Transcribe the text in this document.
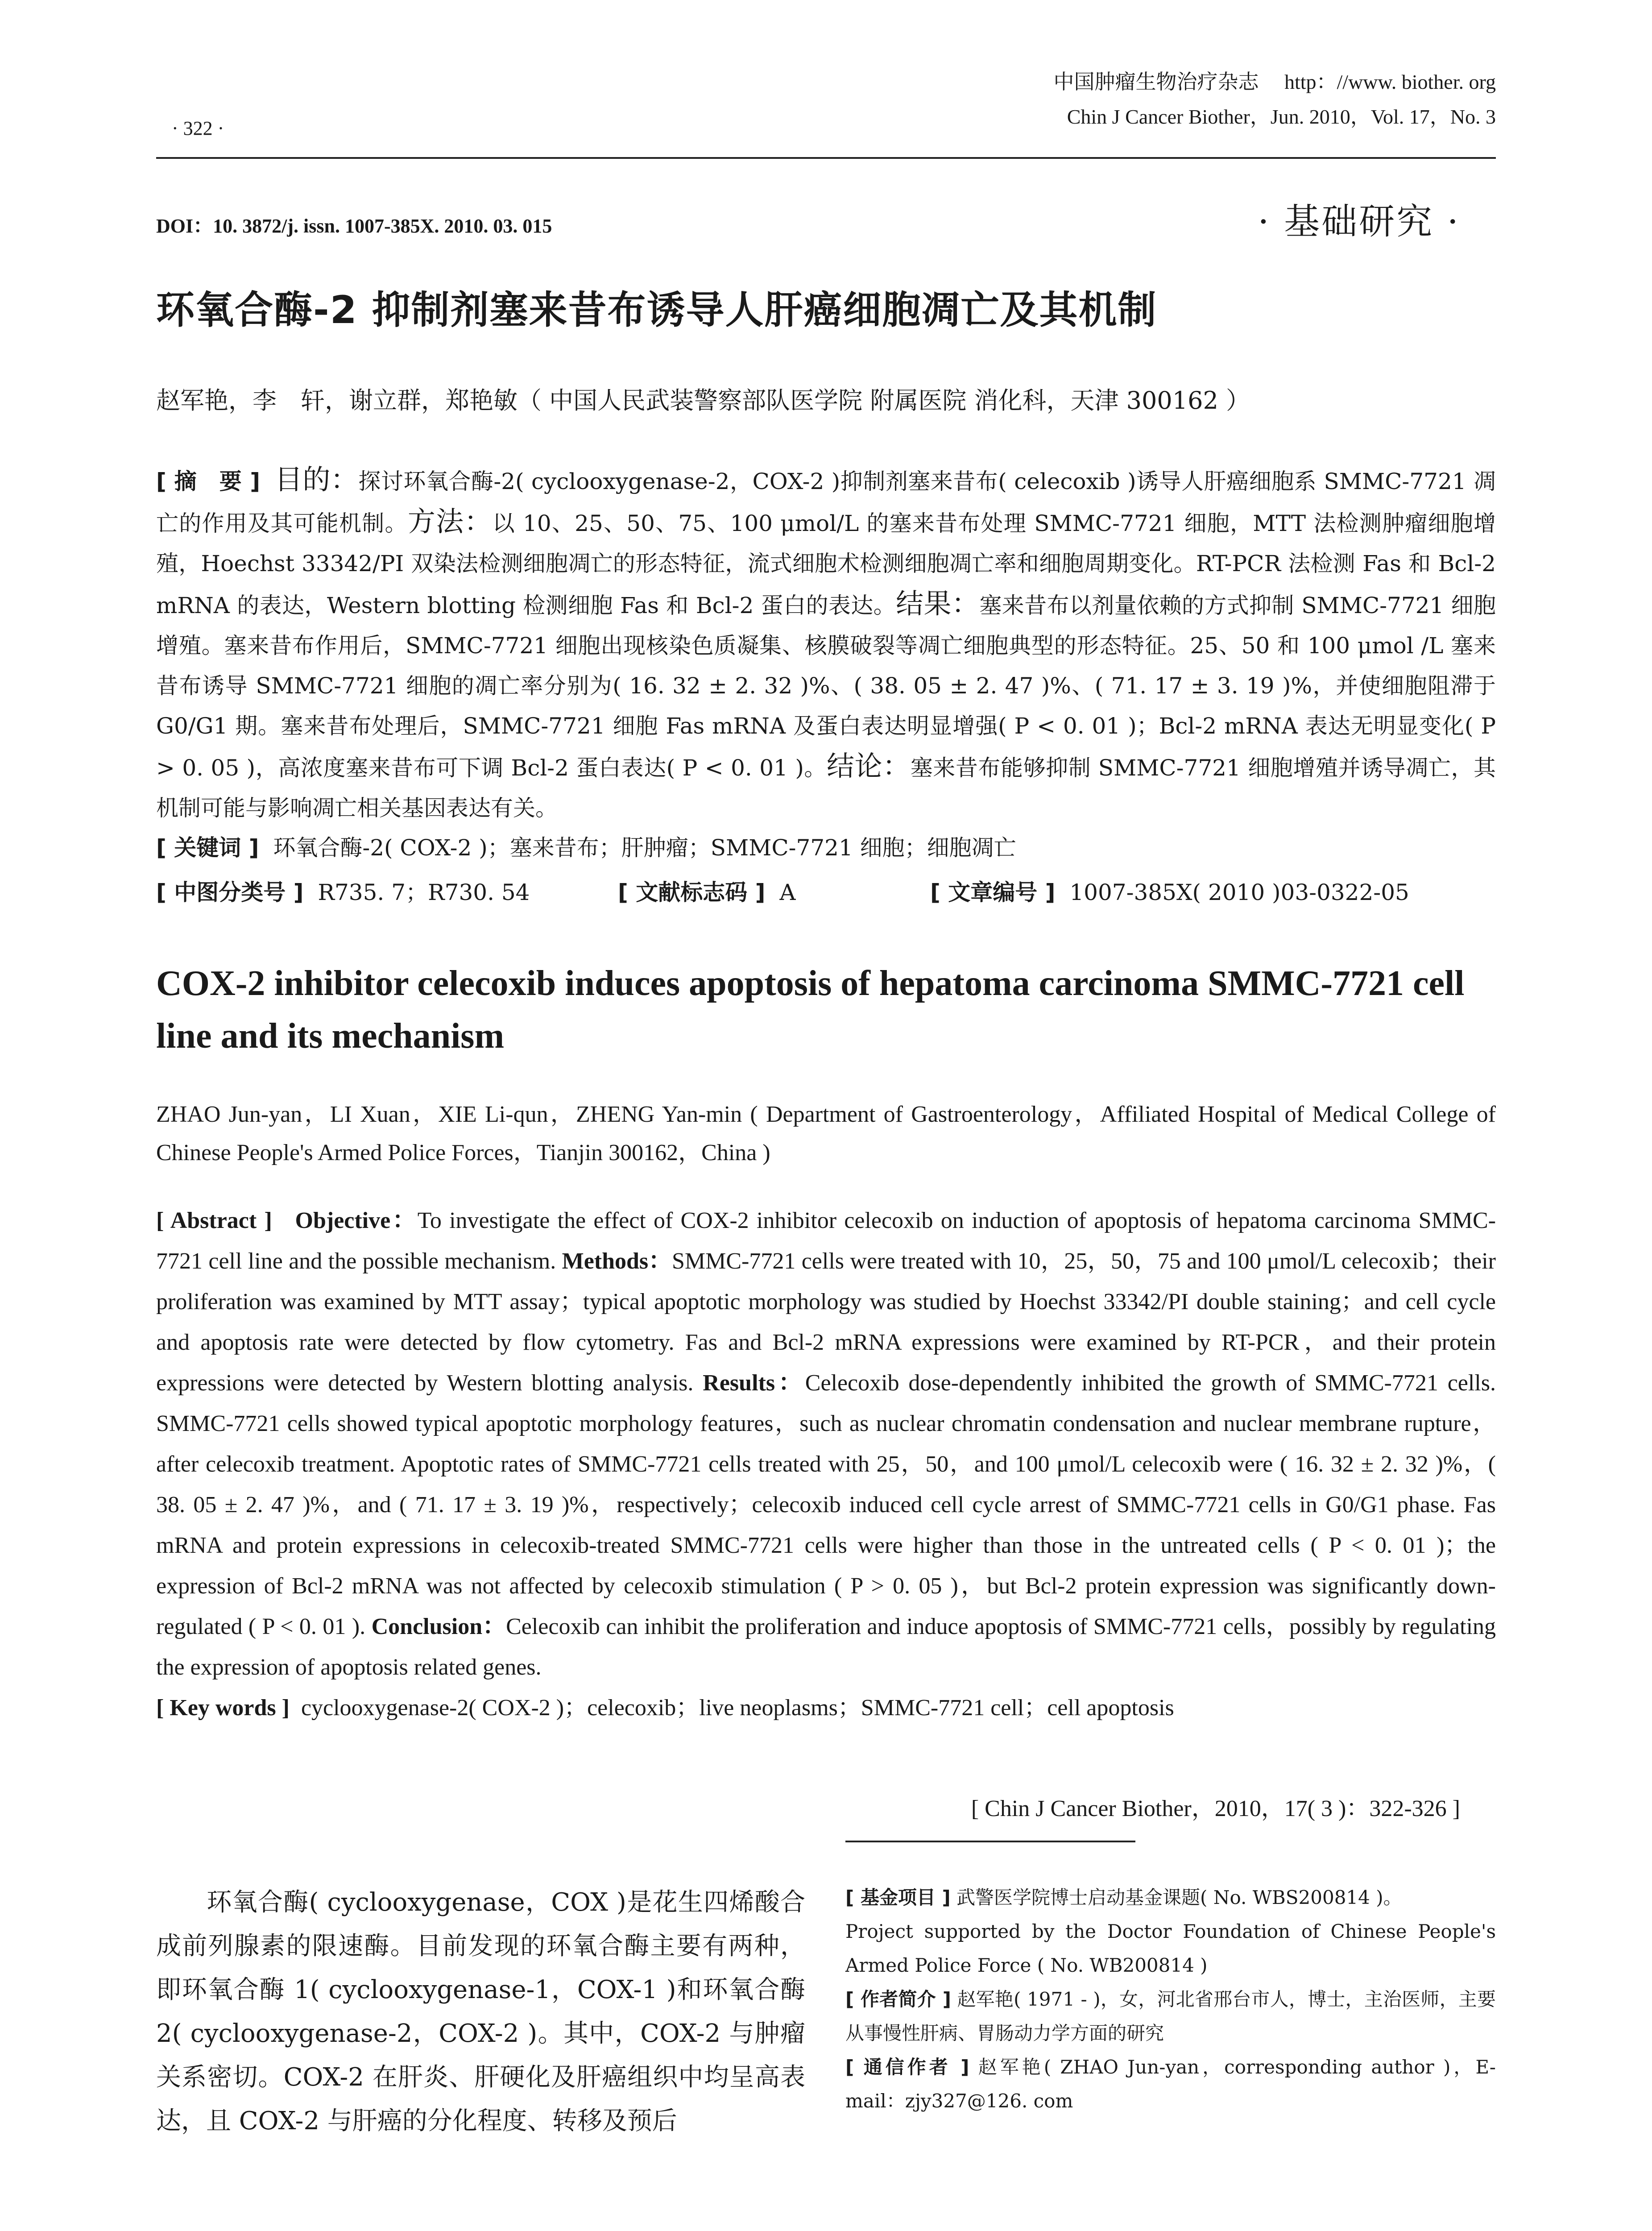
中国肿瘤生物治疗杂志 http：//www. biother. org
Chin J Cancer Biother，Jun. 2010，Vol. 17，No. 3
· 322 ·
DOI：10. 3872/j. issn. 1007-385X. 2010. 03. 015	· 基础研究 ·
环氧合酶-2 抑制剂塞来昔布诱导人肝癌细胞凋亡及其机制
赵军艳，李　轩，谢立群，郑艳敏（ 中国人民武装警察部队医学院 附属医院 消化科，天津 300162 ）
[ 摘　要 ] 目的：探讨环氧合酶-2( cyclooxygenase-2，COX-2 )抑制剂塞来昔布( celecoxib )诱导人肝癌细胞系 SMMC-7721 凋亡的作用及其可能机制。方法：以 10、25、50、75、100 μmol/L 的塞来昔布处理 SMMC-7721 细胞，MTT 法检测肿瘤细胞增殖，Hoechst 33342/PI 双染法检测细胞凋亡的形态特征，流式细胞术检测细胞凋亡率和细胞周期变化。RT-PCR 法检测 Fas 和 Bcl-2 mRNA 的表达，Western blotting 检测细胞 Fas 和 Bcl-2 蛋白的表达。结果：塞来昔布以剂量依赖的方式抑制 SMMC-7721 细胞增殖。塞来昔布作用后，SMMC-7721 细胞出现核染色质凝集、核膜破裂等凋亡细胞典型的形态特征。25、50 和 100 μmol /L 塞来昔布诱导 SMMC-7721 细胞的凋亡率分别为( 16. 32 ± 2. 32 )%、( 38. 05 ± 2. 47 )%、( 71. 17 ± 3. 19 )%，并使细胞阻滞于 G0/G1 期。塞来昔布处理后，SMMC-7721 细胞 Fas mRNA 及蛋白表达明显增强( P < 0. 01 )；Bcl-2 mRNA 表达无明显变化( P > 0. 05 )，高浓度塞来昔布可下调 Bcl-2 蛋白表达( P < 0. 01 )。结论：塞来昔布能够抑制 SMMC-7721 细胞增殖并诱导凋亡，其机制可能与影响凋亡相关基因表达有关。
[ 关键词 ] 环氧合酶-2( COX-2 )；塞来昔布；肝肿瘤；SMMC-7721 细胞；细胞凋亡
[ 中图分类号 ] R735. 7；R730. 54	[ 文献标志码 ] A	[ 文章编号 ] 1007-385X( 2010 )03-0322-05
COX-2 inhibitor celecoxib induces apoptosis of hepatoma carcinoma SMMC-7721 cell line and its mechanism
ZHAO Jun-yan，LI Xuan，XIE Li-qun，ZHENG Yan-min ( Department of Gastroenterology，Affiliated Hospital of Medical College of Chinese People's Armed Police Forces，Tianjin 300162，China )
[ Abstract ] Objective：To investigate the effect of COX-2 inhibitor celecoxib on induction of apoptosis of hepatoma carcinoma SMMC-7721 cell line and the possible mechanism. Methods：SMMC-7721 cells were treated with 10，25，50，75 and 100 μmol/L celecoxib；their proliferation was examined by MTT assay；typical apoptotic morphology was studied by Hoechst 33342/PI double staining；and cell cycle and apoptosis rate were detected by flow cytometry. Fas and Bcl-2 mRNA expressions were examined by RT-PCR，and their protein expressions were detected by Western blotting analysis. Results：Celecoxib dose-dependently inhibited the growth of SMMC-7721 cells. SMMC-7721 cells showed typical apoptotic morphology features，such as nuclear chromatin condensation and nuclear membrane rupture，after celecoxib treatment. Apoptotic rates of SMMC-7721 cells treated with 25，50，and 100 μmol/L celecoxib were ( 16. 32 ± 2. 32 )%，( 38. 05 ± 2. 47 )%，and ( 71. 17 ± 3. 19 )%，respectively；celecoxib induced cell cycle arrest of SMMC-7721 cells in G0/G1 phase. Fas mRNA and protein expressions in celecoxib-treated SMMC-7721 cells were higher than those in the untreated cells ( P < 0. 01 )；the expression of Bcl-2 mRNA was not affected by celecoxib stimulation ( P > 0. 05 )，but Bcl-2 protein expression was significantly down-regulated ( P < 0. 01 ). Conclusion：Celecoxib can inhibit the proliferation and induce apoptosis of SMMC-7721 cells，possibly by regulating the expression of apoptosis related genes.
[ Key words ] cyclooxygenase-2( COX-2 )；celecoxib；live neoplasms；SMMC-7721 cell；cell apoptosis
[ Chin J Cancer Biother，2010，17( 3 )：322-326 ]
环氧合酶( cyclooxygenase，COX )是花生四烯酸合成前列腺素的限速酶。目前发现的环氧合酶主要有两种，即环氧合酶 1( cyclooxygenase-1，COX-1 )和环氧合酶 2( cyclooxygenase-2，COX-2 )。其中，COX-2 与肿瘤关系密切。COX-2 在肝炎、肝硬化及肝癌组织中均呈高表达，且 COX-2 与肝癌的分化程度、转移及预后
[ 基金项目 ] 武警医学院博士启动基金课题( No. WBS200814 )。
Project supported by the Doctor Foundation of Chinese People's Armed Police Force ( No. WB200814 )
[ 作者简介 ] 赵军艳( 1971 - )，女，河北省邢台市人，博士，主治医师，主要从事慢性肝病、胃肠动力学方面的研究
[ 通信作者 ] 赵军艳( ZHAO Jun-yan，corresponding author )，E-mail：zjy327@126. com
